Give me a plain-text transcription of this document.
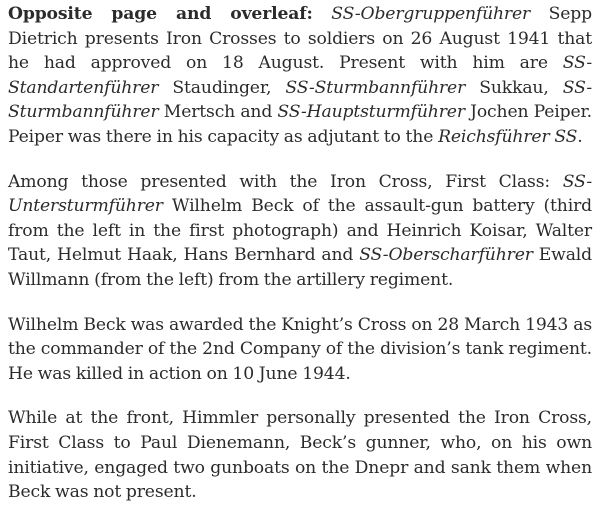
Opposite page and overleaf: SS-Obergruppenführer Sepp Dietrich presents Iron Crosses to soldiers on 26 August 1941 that he had approved on 18 August. Present with him are SS-Standartenführer Staudinger, SS-Sturmbannführer Sukkau, SS-Sturmbannführer Mertsch and SS-Hauptsturmführer Jochen Peiper. Peiper was there in his capacity as adjutant to the Reichsführer SS.

Among those presented with the Iron Cross, First Class: SS-Untersturmführer Wilhelm Beck of the assault-gun battery (third from the left in the first photograph) and Heinrich Koisar, Walter Taut, Helmut Haak, Hans Bernhard and SS-Oberscharführer Ewald Willmann (from the left) from the artillery regiment.

Wilhelm Beck was awarded the Knight’s Cross on 28 March 1943 as the commander of the 2nd Company of the division’s tank regiment. He was killed in action on 10 June 1944.

While at the front, Himmler personally presented the Iron Cross, First Class to Paul Dienemann, Beck’s gunner, who, on his own initiative, engaged two gunboats on the Dnepr and sank them when Beck was not present.
